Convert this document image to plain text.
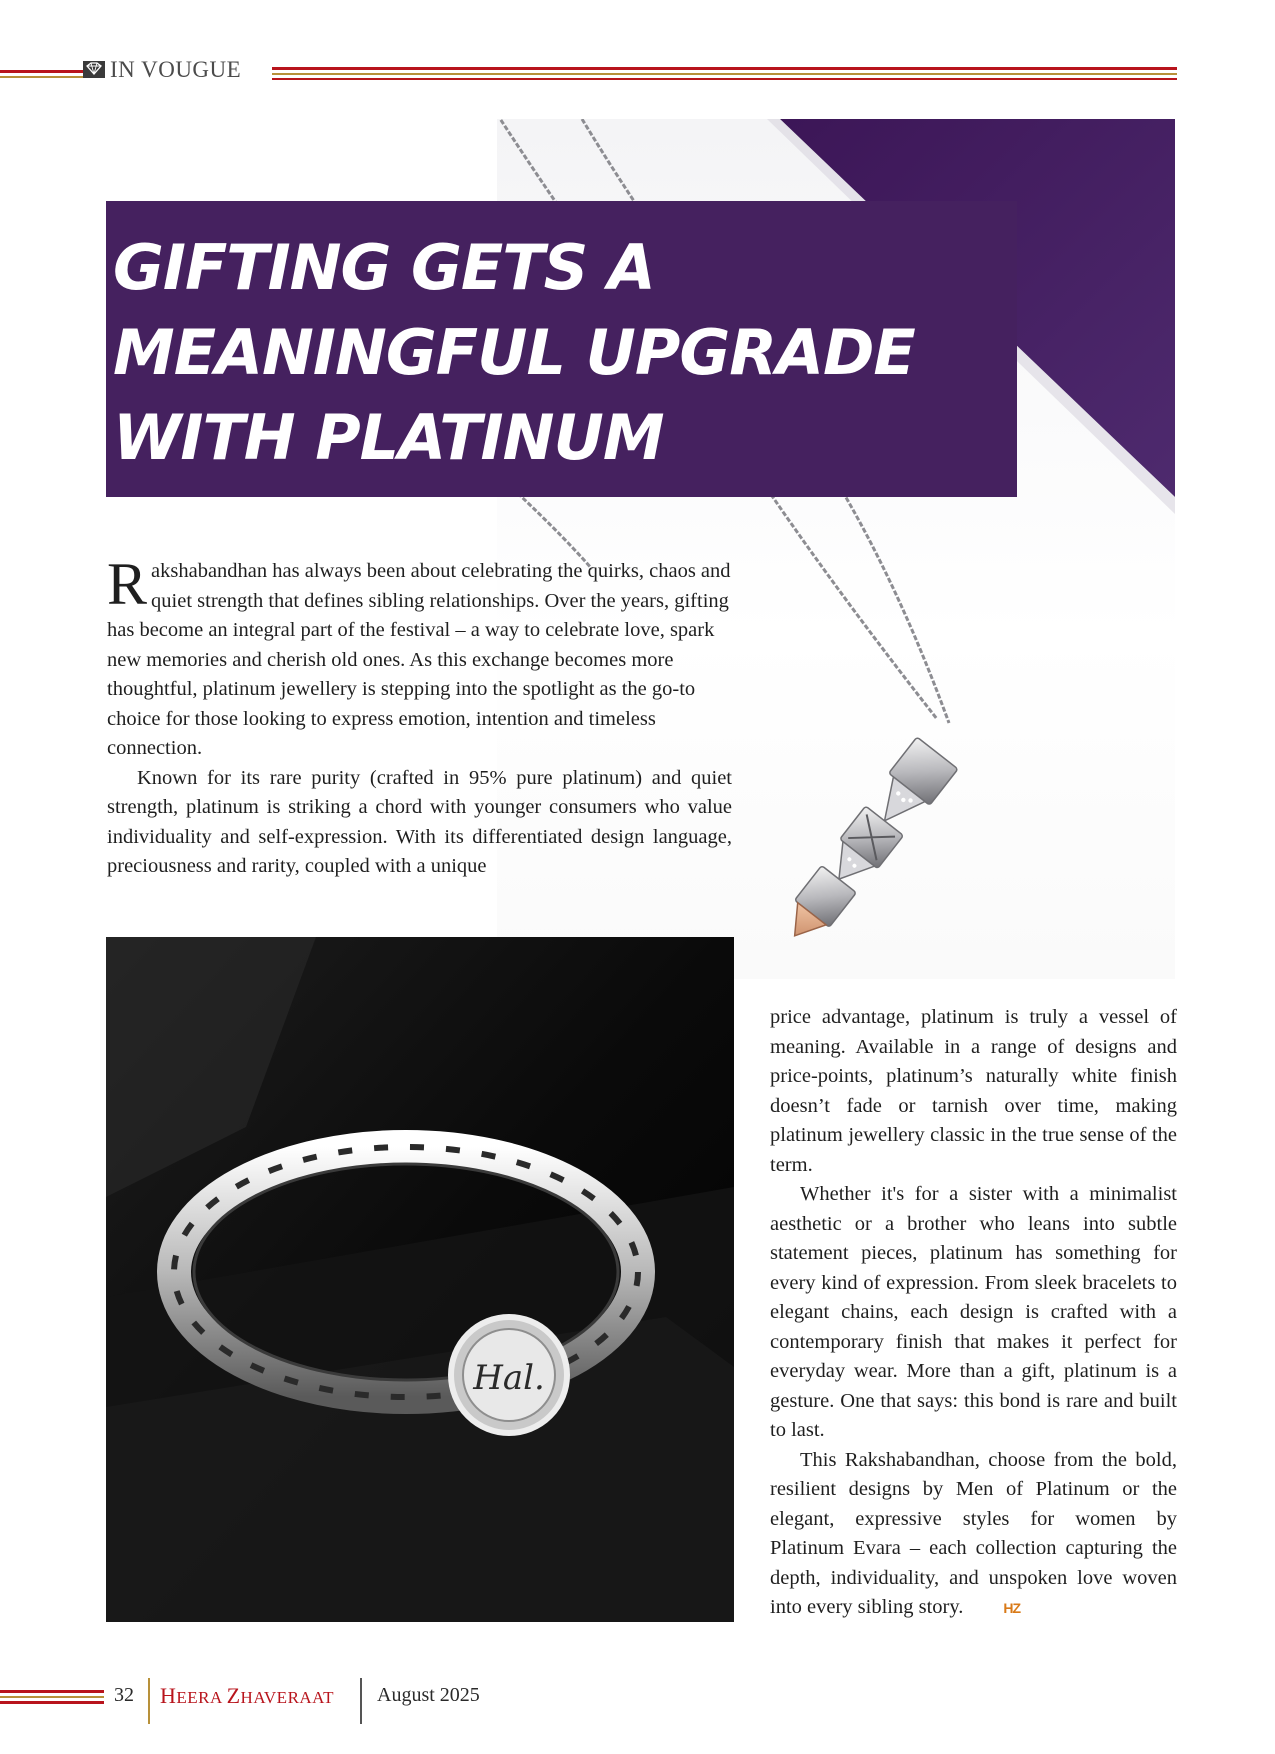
IN VOUGUE
GIFTING GETS A
MEANINGFUL UPGRADE
WITH PLATINUM

Rakshabandhan has always been about celebrating the quirks, chaos and quiet strength that defines sibling relationships. Over the years, gifting has become an integral part of the festival – a way to celebrate love, spark new memories and cherish old ones. As this exchange becomes more thoughtful, platinum jewellery is stepping into the spotlight as the go-to choice for those looking to express emotion, intention and timeless connection.

Known for its rare purity (crafted in 95% pure platinum) and quiet strength, platinum is striking a chord with younger consumers who value individuality and self-expression. With its differentiated design language, preciousness and rarity, coupled with a unique

Hal.

price advantage, platinum is truly a vessel of meaning. Available in a range of designs and price-points, platinum’s naturally white finish doesn’t fade or tarnish over time, making platinum jewellery classic in the true sense of the term.

Whether it's for a sister with a minimalist aesthetic or a brother who leans into subtle statement pieces, platinum has something for every kind of expression. From sleek bracelets to elegant chains, each design is crafted with a contemporary finish that makes it perfect for everyday wear. More than a gift, platinum is a gesture. One that says: this bond is rare and built to last.

This Rakshabandhan, choose from the bold, resilient designs by Men of Platinum or the elegant, expressive styles for women by Platinum Evara – each collection capturing the depth, individuality, and unspoken love woven into every sibling story.	HZ

32 HEERA ZHAVERAAT August 2025
